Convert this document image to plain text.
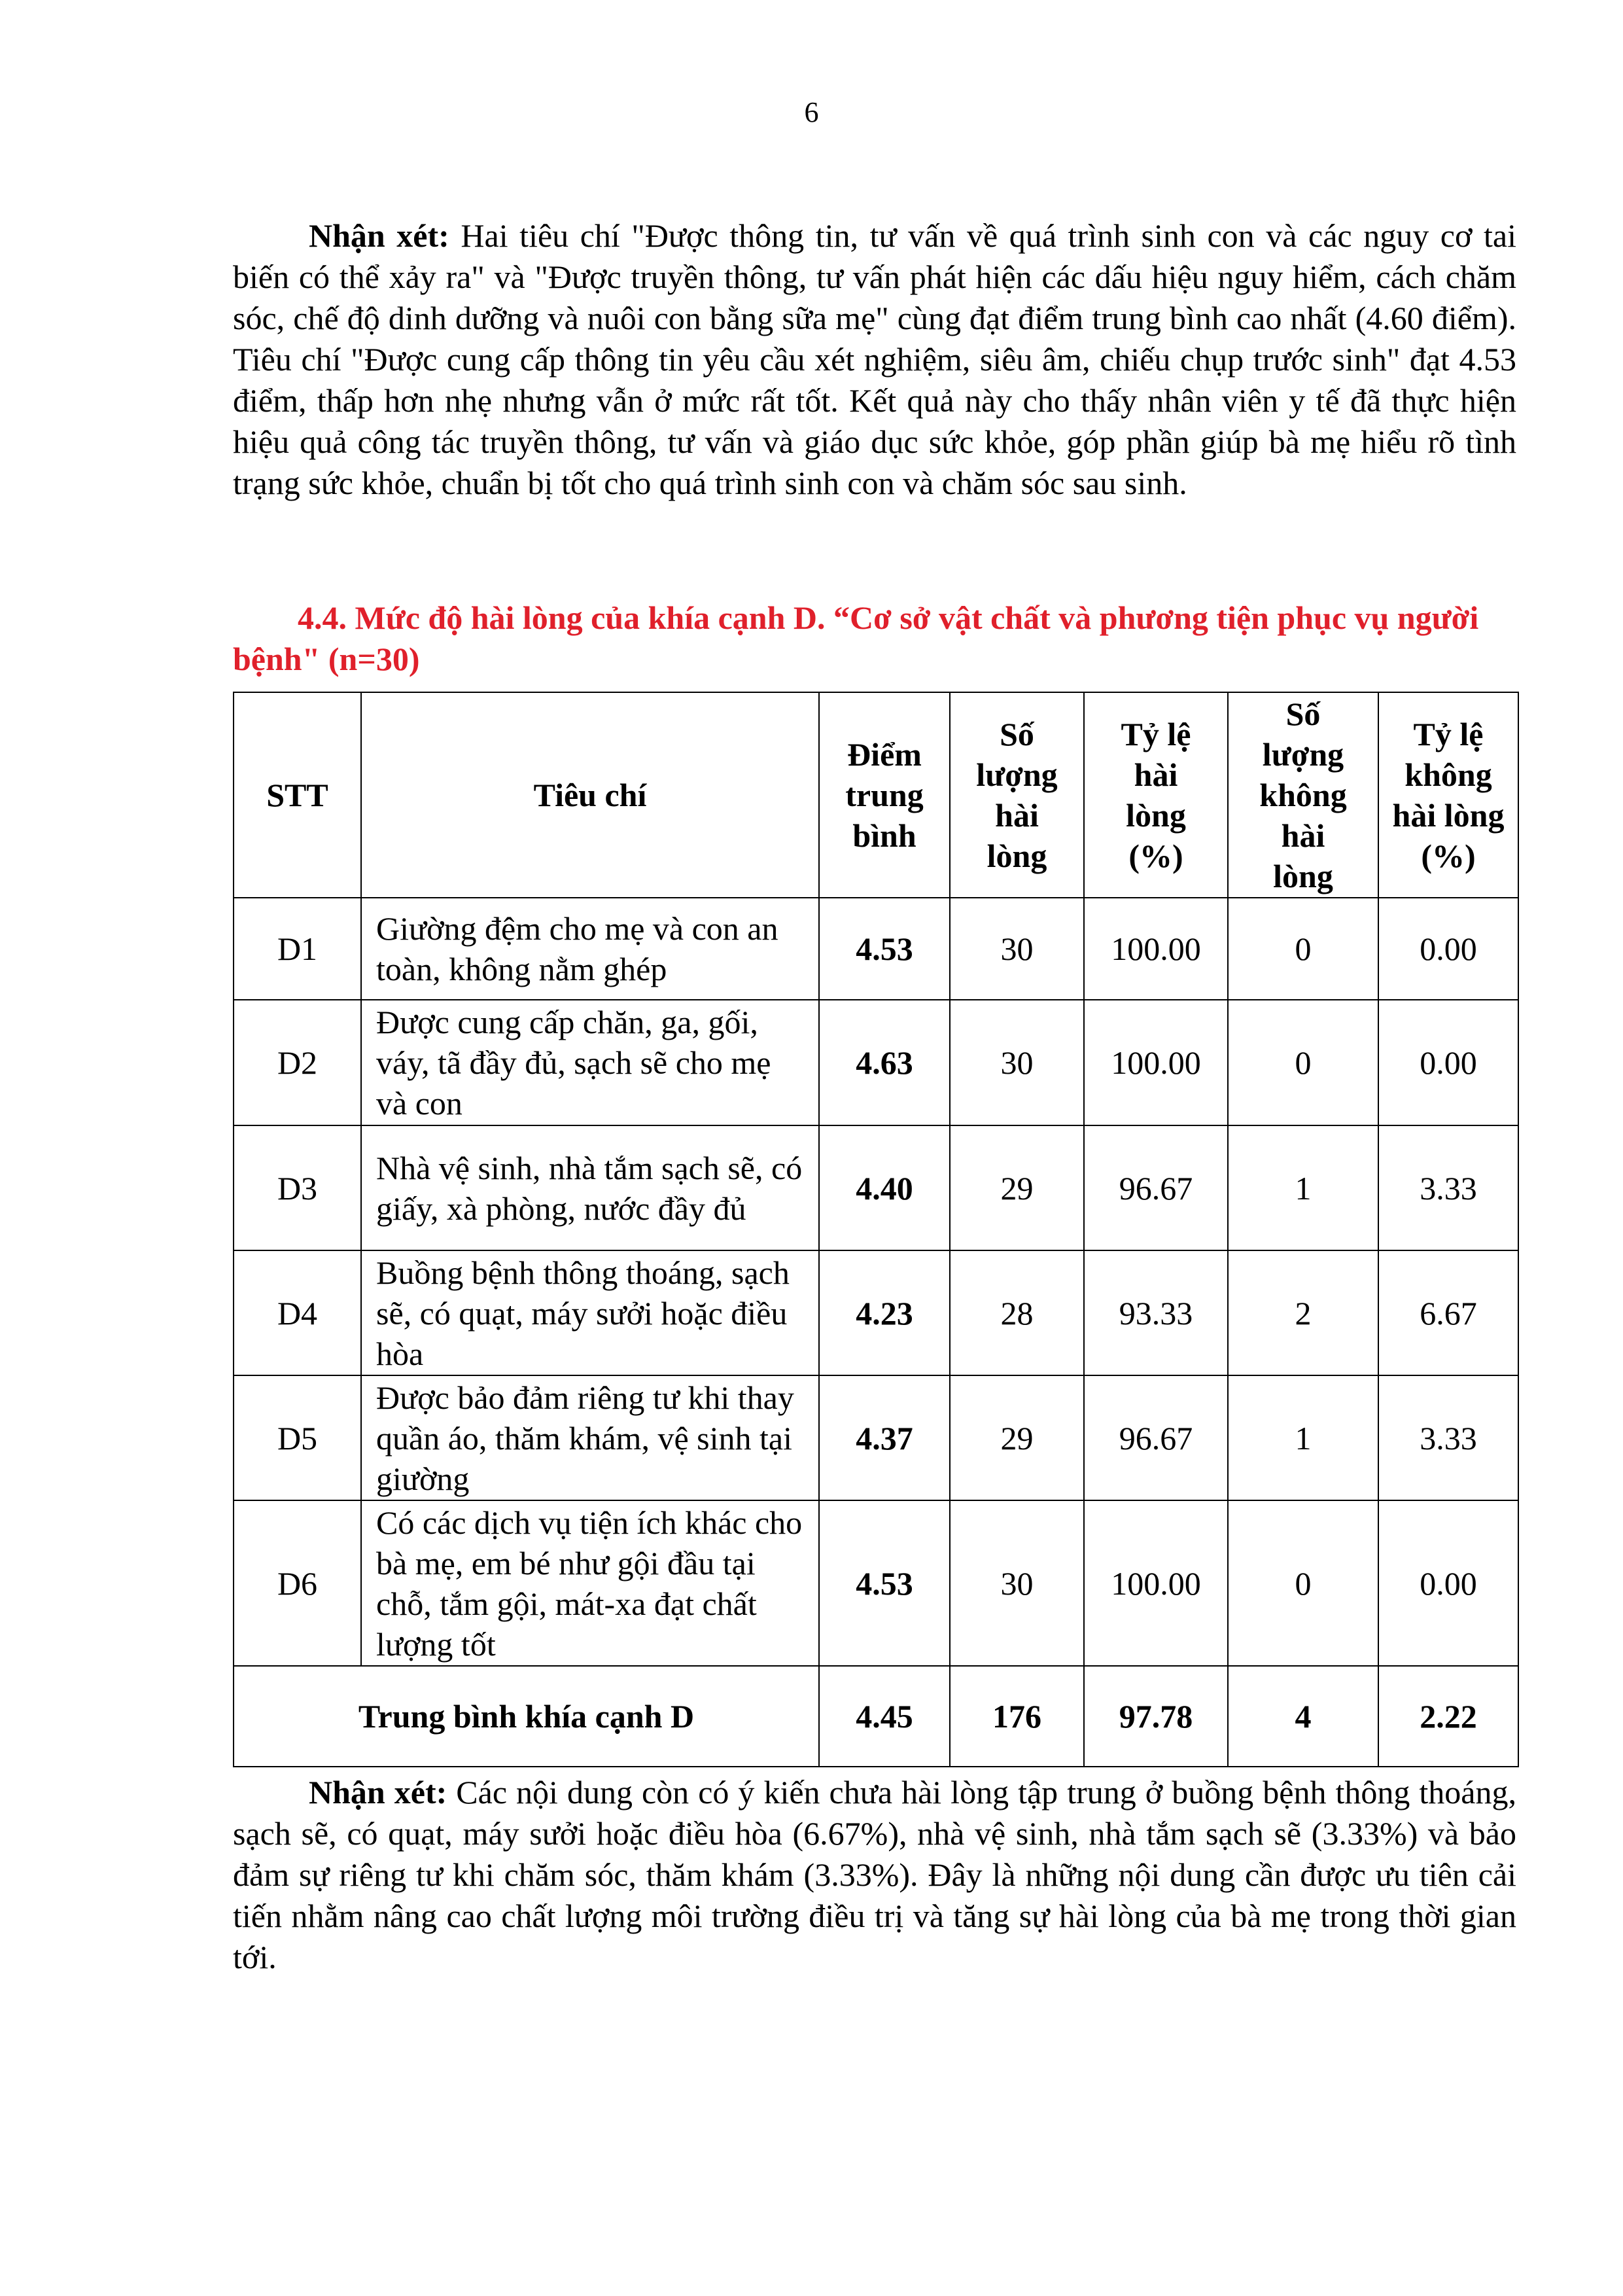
6

Nhận xét: Hai tiêu chí "Được thông tin, tư vấn về quá trình sinh con và các nguy cơ tai biến có thể xảy ra" và "Được truyền thông, tư vấn phát hiện các dấu hiệu nguy hiểm, cách chăm sóc, chế độ dinh dưỡng và nuôi con bằng sữa mẹ" cùng đạt điểm trung bình cao nhất (4.60 điểm). Tiêu chí "Được cung cấp thông tin yêu cầu xét nghiệm, siêu âm, chiếu chụp trước sinh" đạt 4.53 điểm, thấp hơn nhẹ nhưng vẫn ở mức rất tốt. Kết quả này cho thấy nhân viên y tế đã thực hiện hiệu quả công tác truyền thông, tư vấn và giáo dục sức khỏe, góp phần giúp bà mẹ hiểu rõ tình trạng sức khỏe, chuẩn bị tốt cho quá trình sinh con và chăm sóc sau sinh.

4.4. Mức độ hài lòng của khía cạnh D. “Cơ sở vật chất và phương tiện phục vụ người bệnh" (n=30)

STT	Tiêu chí	Điểm trung bình	Số lượng hài lòng	Tỷ lệ hài lòng (%)	Số lượng không hài lòng	Tỷ lệ không hài lòng (%)
D1	Giường đệm cho mẹ và con an toàn, không nằm ghép	4.53	30	100.00	0	0.00
D2	Được cung cấp chăn, ga, gối, váy, tã đầy đủ, sạch sẽ cho mẹ và con	4.63	30	100.00	0	0.00
D3	Nhà vệ sinh, nhà tắm sạch sẽ, có giấy, xà phòng, nước đầy đủ	4.40	29	96.67	1	3.33
D4	Buồng bệnh thông thoáng, sạch sẽ, có quạt, máy sưởi hoặc điều hòa	4.23	28	93.33	2	6.67
D5	Được bảo đảm riêng tư khi thay quần áo, thăm khám, vệ sinh tại giường	4.37	29	96.67	1	3.33
D6	Có các dịch vụ tiện ích khác cho bà mẹ, em bé như gội đầu tại chỗ, tắm gội, mát-xa đạt chất lượng tốt	4.53	30	100.00	0	0.00
Trung bình khía cạnh D		4.45	176	97.78	4	2.22

Nhận xét: Các nội dung còn có ý kiến chưa hài lòng tập trung ở buồng bệnh thông thoáng, sạch sẽ, có quạt, máy sưởi hoặc điều hòa (6.67%), nhà vệ sinh, nhà tắm sạch sẽ (3.33%) và bảo đảm sự riêng tư khi chăm sóc, thăm khám (3.33%). Đây là những nội dung cần được ưu tiên cải tiến nhằm nâng cao chất lượng môi trường điều trị và tăng sự hài lòng của bà mẹ trong thời gian tới.
